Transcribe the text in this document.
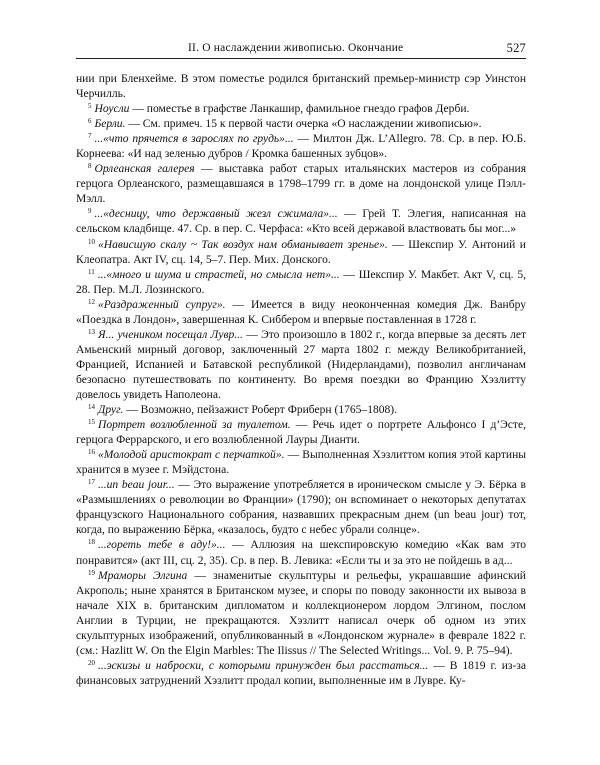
II. О наслаждении живописью. Окончание	527

нии при Бленхейме. В этом поместье родился британский премьер-министр сэр Уинстон Черчилль.

$^5$ Ноусли — поместье в графстве Ланкашир, фамильное гнездо графов Дерби.

$^6$ Берли. — См. примеч. 15 к первой части очерка «О наслаждении живописью».

$^7$ ...«что прячется в зарослях по грудь»... — Милтон Дж. L’Allegro. 78. Ср. в пер. Ю.Б. Корнеева: «И над зеленью дубров / Кромка башенных зубцов».

$^8$ Орлеанская галерея — выставка работ старых итальянских мастеров из собрания герцога Орлеанского, размещавшаяся в 1798–1799 гг. в доме на лондонской улице Пэлл-Мэлл.

$^9$ ...«десницу, что державный жезл сжимала»... — Грей Т. Элегия, написанная на сельском кладбище. 47. Ср. в пер. С. Черфаса: «Кто всей державой властвовать бы мог...»

$^{10}$ «Нависшую скалу ~ Так воздух нам обманывает зренье». — Шекспир У. Антоний и Клеопатра. Акт IV, сц. 14, 5–7. Пер. Мих. Донского.

$^{11}$ ...«много и шума и страстей, но смысла нет»... — Шекспир У. Макбет. Акт V, сц. 5, 28. Пер. М.Л. Лозинского.

$^{12}$ «Раздраженный супруг». — Имеется в виду неоконченная комедия Дж. Ванбру «Поездка в Лондон», завершенная К. Сиббером и впервые поставленная в 1728 г.

$^{13}$ Я... учеником посещал Лувр... — Это произошло в 1802 г., когда впервые за десять лет Амьенский мирный договор, заключенный 27 марта 1802 г. между Великобританией, Францией, Испанией и Батавской республикой (Нидерландами), позволил англичанам безопасно путешествовать по континенту. Во время поездки во Францию Хэзлитту довелось увидеть Наполеона.

$^{14}$ Друг. — Возможно, пейзажист Роберт Фриберн (1765–1808).

$^{15}$ Портрет возлюбленной за туалетом. — Речь идет о портрете Альфонсо I д’Эсте, герцога Феррарского, и его возлюбленной Лауры Дианти.

$^{16}$ «Молодой аристократ с перчаткой». — Выполненная Хэзлиттом копия этой картины хранится в музее г. Мэйдстона.

$^{17}$ ...un beau jour... — Это выражение употребляется в ироническом смысле у Э. Бёрка в «Размышлениях о революции во Франции» (1790); он вспоминает о некоторых депутатах французского Национального собрания, назвавших прекрасным днем (un beau jour) тот, когда, по выражению Бёрка, «казалось, будто с небес убрали солнце».

$^{18}$ ...гореть тебе в аду!»... — Аллюзия на шекспировскую комедию «Как вам это понравится» (акт III, сц. 2, 35). Ср. в пер. В. Левика: «Если ты и за это не пойдешь в ад...

$^{19}$ Мраморы Элгина — знаменитые скульптуры и рельефы, украшавшие афинский Акрополь; ныне хранятся в Британском музее, и споры по поводу законности их вывоза в начале XIX в. британским дипломатом и коллекционером лордом Элгином, послом Англии в Турции, не прекращаются. Хэзлитт написал очерк об одном из этих скульптурных изображений, опубликованный в «Лондонском журнале» в феврале 1822 г. (см.: Hazlitt W. On the Elgin Marbles: The Ilissus // The Selected Writings... Vol. 9. P. 75–94).

$^{20}$ ...эскизы и наброски, с которыми принужден был расстаться... — В 1819 г. из-за финансовых затруднений Хэзлитт продал копии, выполненные им в Лувре. Ку-
